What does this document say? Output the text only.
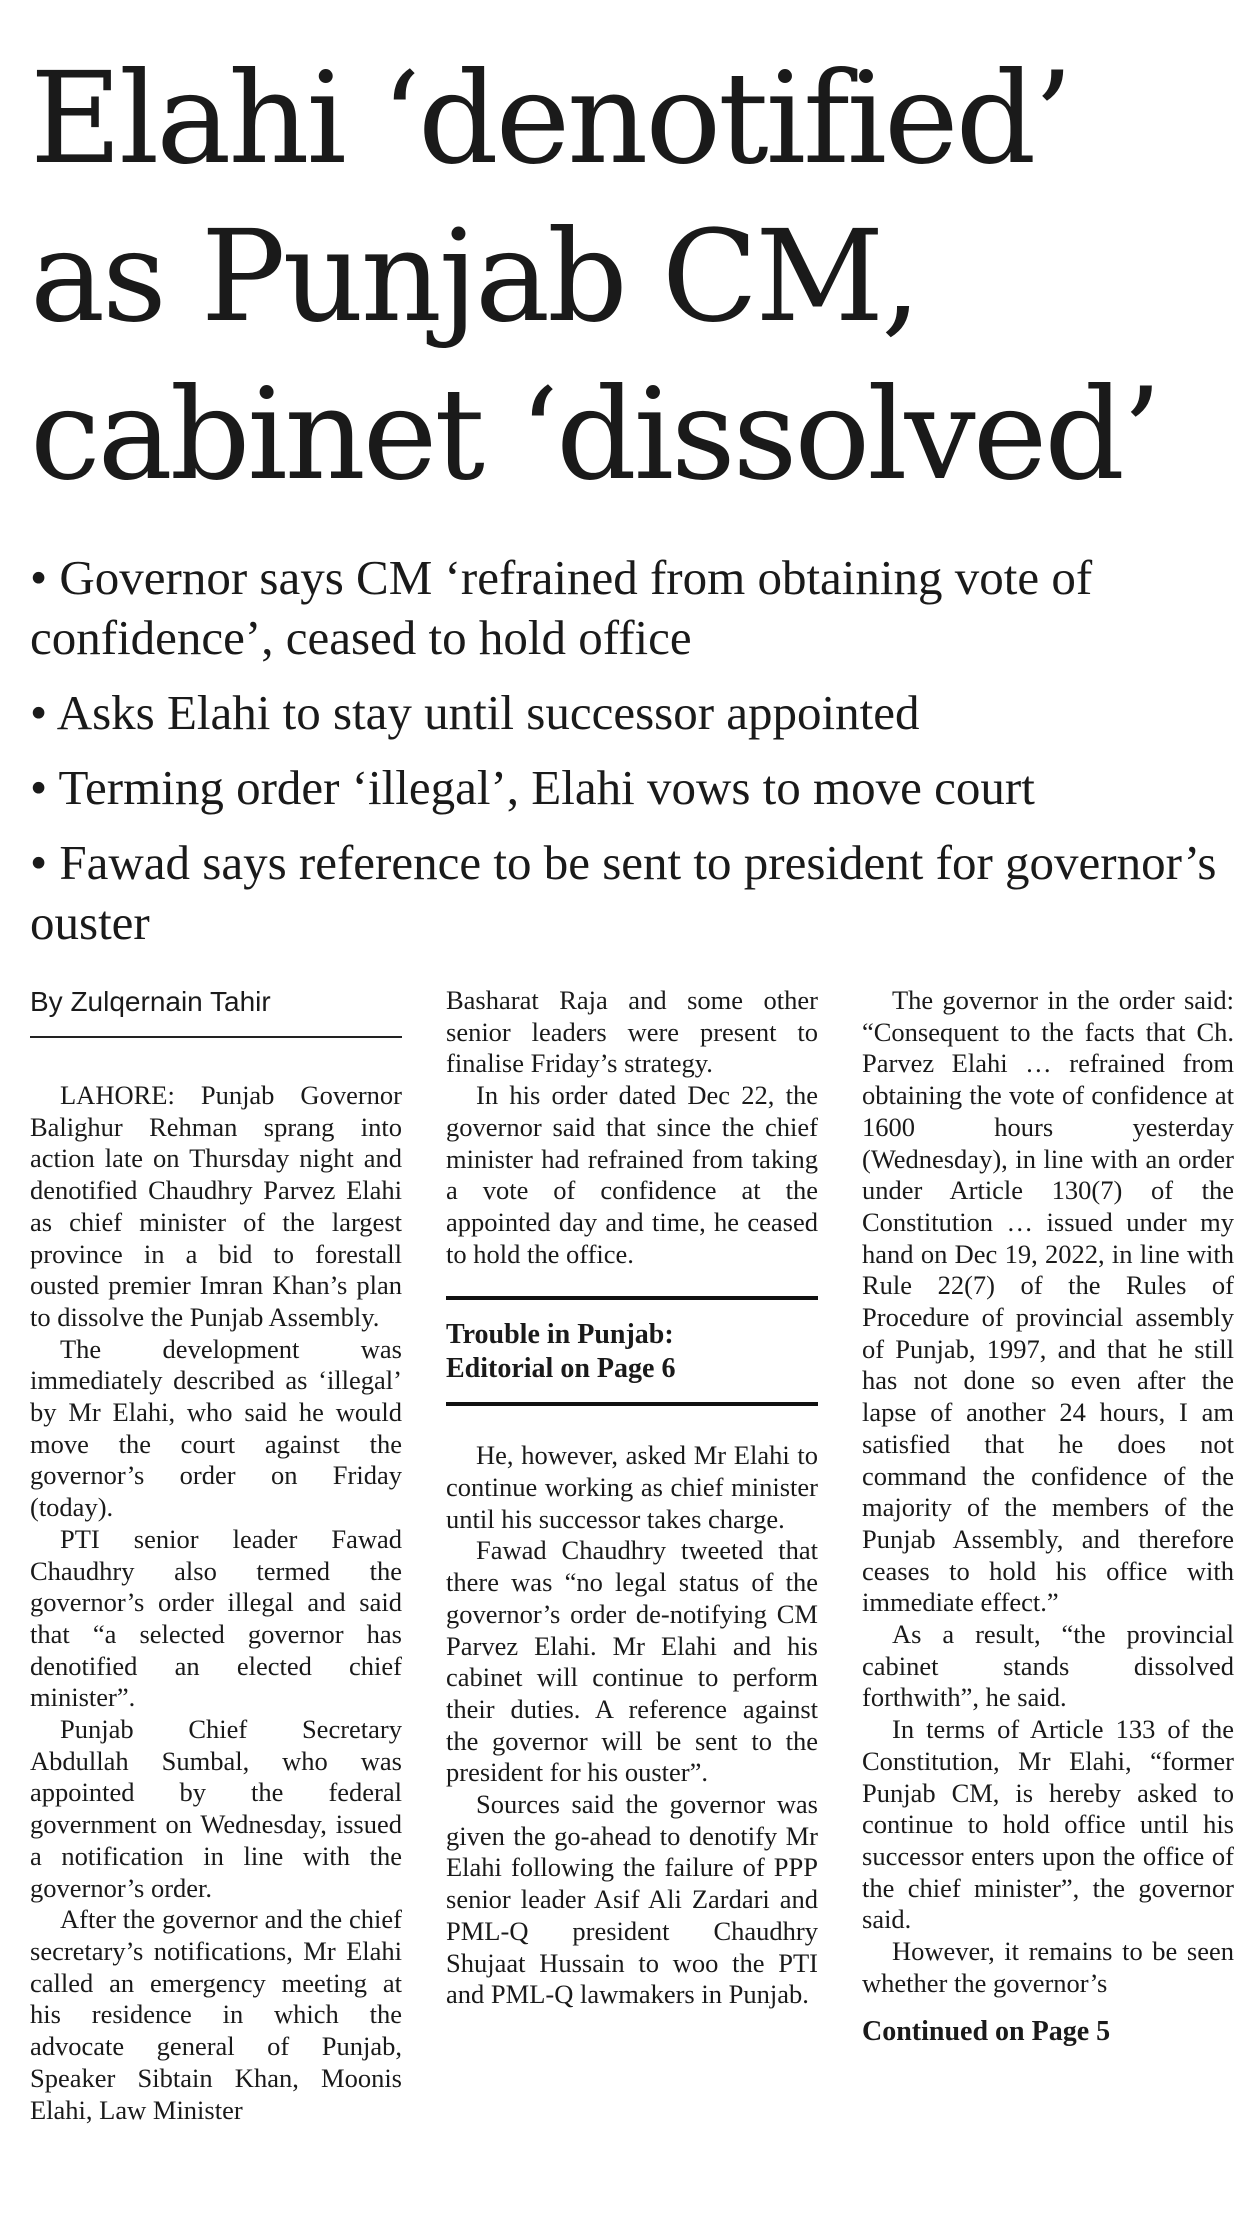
Elahi ‘denotified’
as Punjab CM,
cabinet ‘dissolved’
• Governor says CM ‘refrained from obtaining vote of confidence’, ceased to hold office
• Asks Elahi to stay until successor appointed
• Terming order ‘illegal’, Elahi vows to move court
• Fawad says reference to be sent to president for governor’s ouster
By Zulqernain Tahir

LAHORE: Punjab Governor Balighur Rehman sprang into action late on Thursday night and denotified Chaudhry Parvez Elahi as chief minister of the largest province in a bid to forestall ousted premier Imran Khan’s plan to dissolve the Punjab Assembly.

The development was immediately described as ‘illegal’ by Mr Elahi, who said he would move the court against the governor’s order on Friday (today).

PTI senior leader Fawad Chaudhry also termed the governor’s order illegal and said that “a selected governor has denotified an elected chief minister”.

Punjab Chief Secretary Abdullah Sumbal, who was appointed by the federal government on Wednesday, issued a notification in line with the governor’s order.

After the governor and the chief secretary’s notifications, Mr Elahi called an emergency meeting at his residence in which the advocate general of Punjab, Speaker Sibtain Khan, Moonis Elahi, Law Minister

Basharat Raja and some other senior leaders were present to finalise Friday’s strategy.

In his order dated Dec 22, the governor said that since the chief minister had refrained from taking a vote of confidence at the appointed day and time, he ceased to hold the office.

Trouble in Punjab:

Editorial on Page 6

He, however, asked Mr Elahi to continue working as chief minister until his successor takes charge.

Fawad Chaudhry tweeted that there was “no legal status of the governor’s order de-notifying CM Parvez Elahi. Mr Elahi and his cabinet will continue to perform their duties. A reference against the governor will be sent to the president for his ouster”.

Sources said the governor was given the go-ahead to denotify Mr Elahi following the failure of PPP senior leader Asif Ali Zardari and PML-Q president Chaudhry Shujaat Hussain to woo the PTI and PML-Q lawmakers in Punjab.

The governor in the order said: “Consequent to the facts that Ch. Parvez Elahi … refrained from obtaining the vote of confidence at 1600 hours yesterday (Wednesday), in line with an order under Article 130(7) of the Constitution … issued under my hand on Dec 19, 2022, in line with Rule 22(7) of the Rules of Procedure of provincial assembly of Punjab, 1997, and that he still has not done so even after the lapse of another 24 hours, I am satisfied that he does not command the confidence of the majority of the members of the Punjab Assembly, and therefore ceases to hold his office with immediate effect.”

As a result, “the provincial cabinet stands dissolved forthwith”, he said.

In terms of Article 133 of the Constitution, Mr Elahi, “former Punjab CM, is hereby asked to continue to hold office until his successor enters upon the office of the chief minister”, the governor said.

However, it remains to be seen whether the governor’s

Continued on Page 5
